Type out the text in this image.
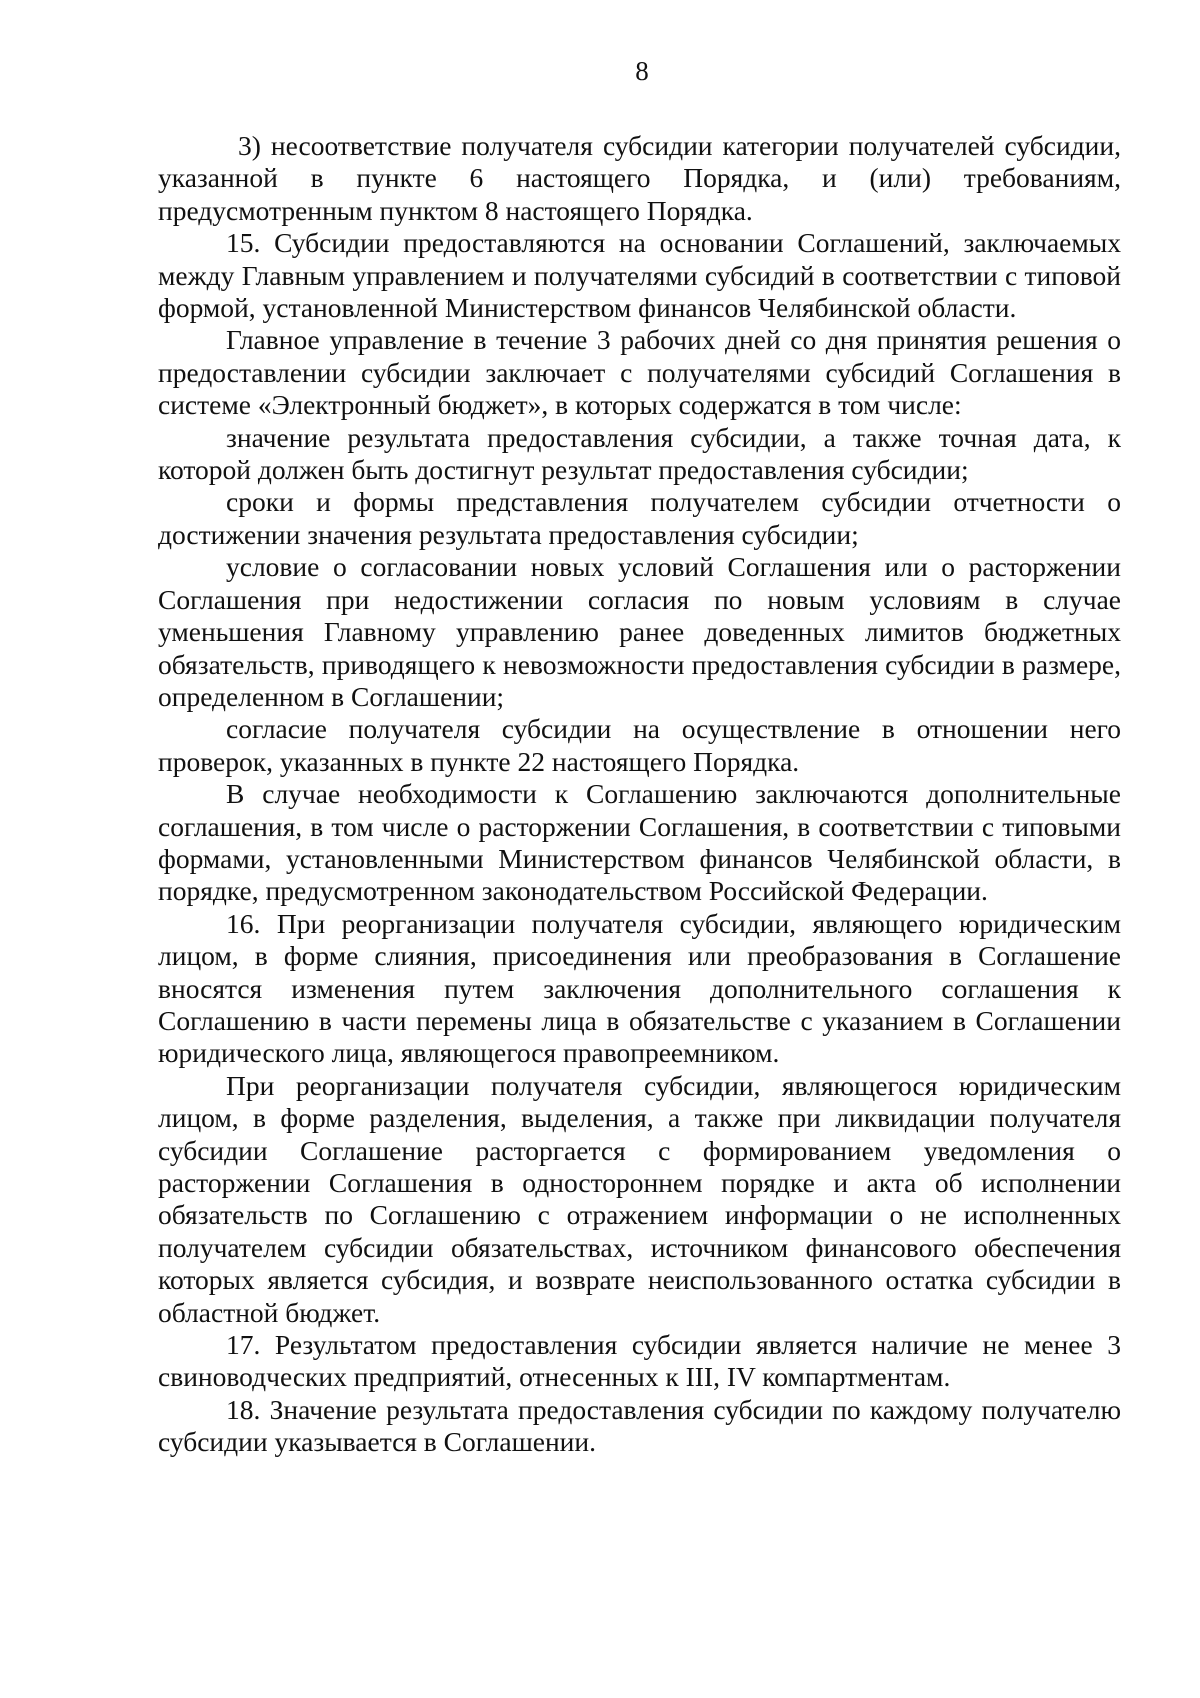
8

3) несоответствие получателя субсидии категории получателей субсидии, указанной в пункте 6 настоящего Порядка, и (или) требованиям, предусмотренным пунктом 8 настоящего Порядка.

15. Субсидии предоставляются на основании Соглашений, заключаемых между Главным управлением и получателями субсидий в соответствии с типовой формой, установленной Министерством финансов Челябинской области.

Главное управление в течение 3 рабочих дней со дня принятия решения о предоставлении субсидии заключает с получателями субсидий Соглашения в системе «Электронный бюджет», в которых содержатся в том числе:

значение результата предоставления субсидии, а также точная дата, к которой должен быть достигнут результат предоставления субсидии;

сроки и формы представления получателем субсидии отчетности о достижении значения результата предоставления субсидии;

условие о согласовании новых условий Соглашения или о расторжении Соглашения при недостижении согласия по новым условиям в случае уменьшения Главному управлению ранее доведенных лимитов бюджетных обязательств, приводящего к невозможности предоставления субсидии в размере, определенном в Соглашении;

согласие получателя субсидии на осуществление в отношении него проверок, указанных в пункте 22 настоящего Порядка.

В случае необходимости к Соглашению заключаются дополнительные соглашения, в том числе о расторжении Соглашения, в соответствии с типовыми формами, установленными Министерством финансов Челябинской области, в порядке, предусмотренном законодательством Российской Федерации.

16. При реорганизации получателя субсидии, являющего юридическим лицом, в форме слияния, присоединения или преобразования в Соглашение вносятся изменения путем заключения дополнительного соглашения к Соглашению в части перемены лица в обязательстве с указанием в Соглашении юридического лица, являющегося правопреемником.

При реорганизации получателя субсидии, являющегося юридическим лицом, в форме разделения, выделения, а также при ликвидации получателя субсидии Соглашение расторгается с формированием уведомления о расторжении Соглашения в одностороннем порядке и акта об исполнении обязательств по Соглашению с отражением информации о не исполненных получателем субсидии обязательствах, источником финансового обеспечения которых является субсидия, и возврате неиспользованного остатка субсидии в областной бюджет.

17. Результатом предоставления субсидии является наличие не менее 3 свиноводческих предприятий, отнесенных к III, IV компартментам.

18. Значение результата предоставления субсидии по каждому получателю субсидии указывается в Соглашении.
